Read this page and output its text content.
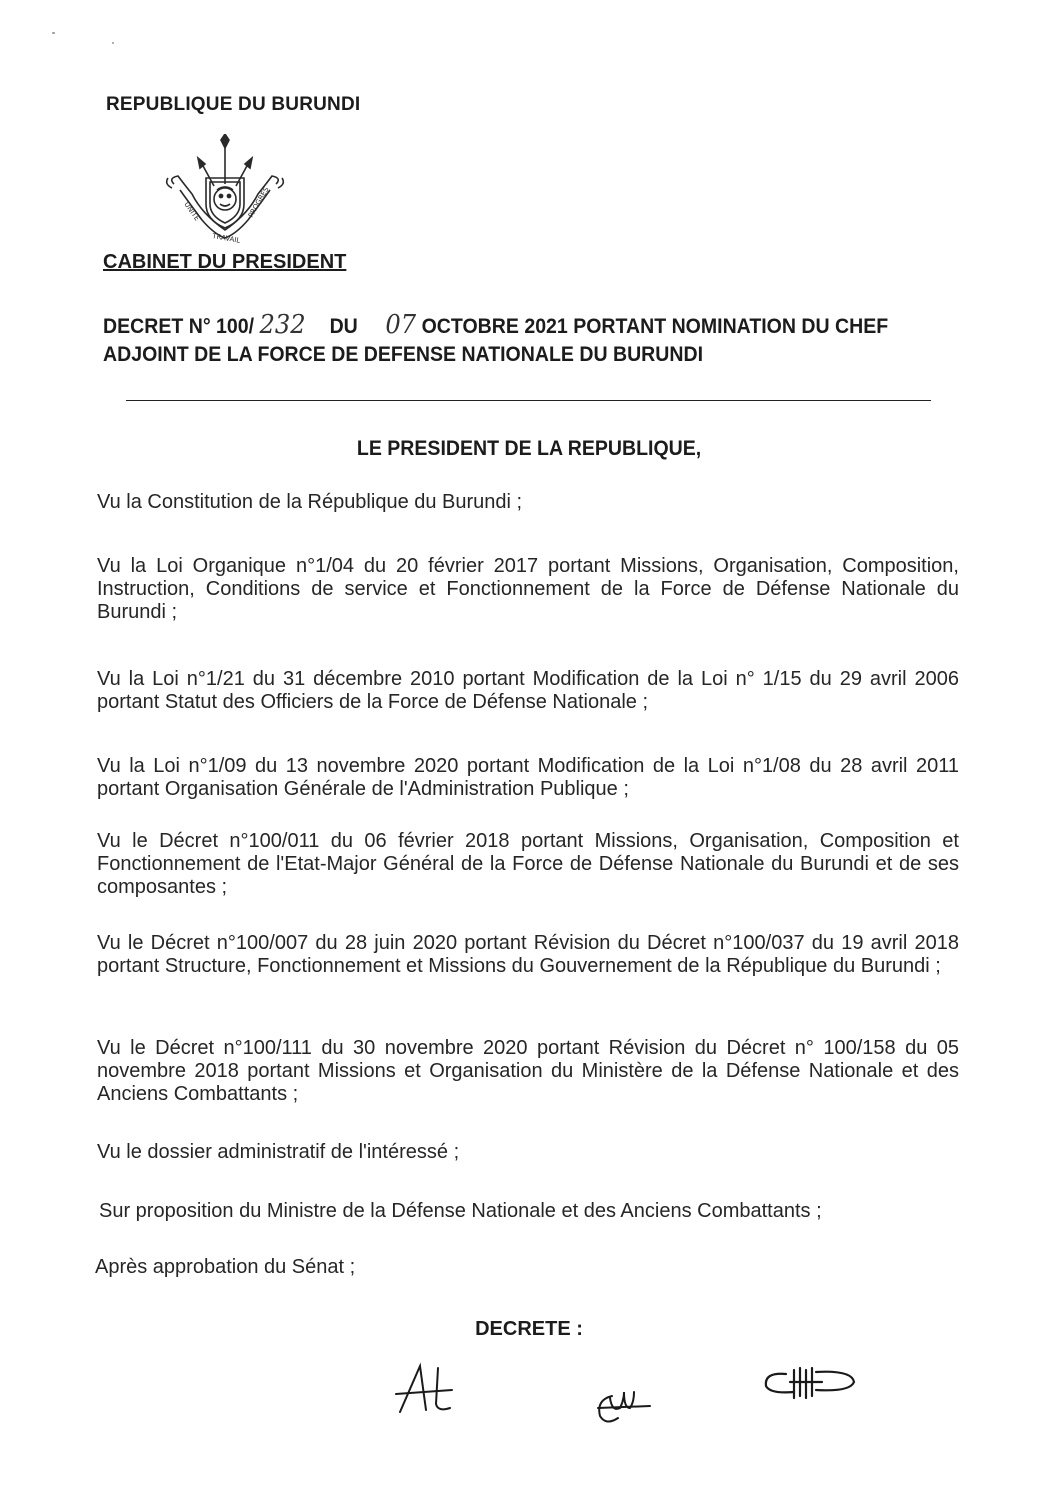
REPUBLIQUE DU BURUNDI
UNITE
TRAVAIL
PROGRES
CABINET DU PRESIDENT
DECRET N° 100/ 232 DU 07 OCTOBRE 2021 PORTANT NOMINATION DU CHEF
ADJOINT DE LA FORCE DE DEFENSE NATIONALE DU BURUNDI
LE PRESIDENT DE LA REPUBLIQUE,
Vu la Constitution de la République du Burundi ;
Vu la Loi Organique n°1/04 du 20 février 2017 portant Missions, Organisation, Composition, Instruction, Conditions de service et Fonctionnement de la Force de Défense Nationale du Burundi ;
Vu la Loi n°1/21 du 31 décembre 2010 portant Modification de la Loi n° 1/15 du 29 avril 2006 portant Statut des Officiers de la Force de Défense Nationale ;
Vu la Loi n°1/09 du 13 novembre 2020 portant Modification de la Loi n°1/08 du 28 avril 2011 portant Organisation Générale de l'Administration Publique ;
Vu le Décret n°100/011 du 06 février 2018 portant Missions, Organisation, Composition et Fonctionnement de l'Etat-Major Général de la Force de Défense Nationale du Burundi et de ses composantes ;
Vu le Décret n°100/007 du 28 juin 2020 portant Révision du Décret n°100/037 du 19 avril 2018 portant Structure, Fonctionnement et Missions du Gouvernement de la République du Burundi ;
Vu le Décret n°100/111 du 30 novembre 2020 portant Révision du Décret n° 100/158 du 05 novembre 2018 portant Missions et Organisation du Ministère de la Défense Nationale et des Anciens Combattants ;
Vu le dossier administratif de l'intéressé ;
Sur proposition du Ministre de la Défense Nationale et des Anciens Combattants ;
Après approbation du Sénat ;
DECRETE :
